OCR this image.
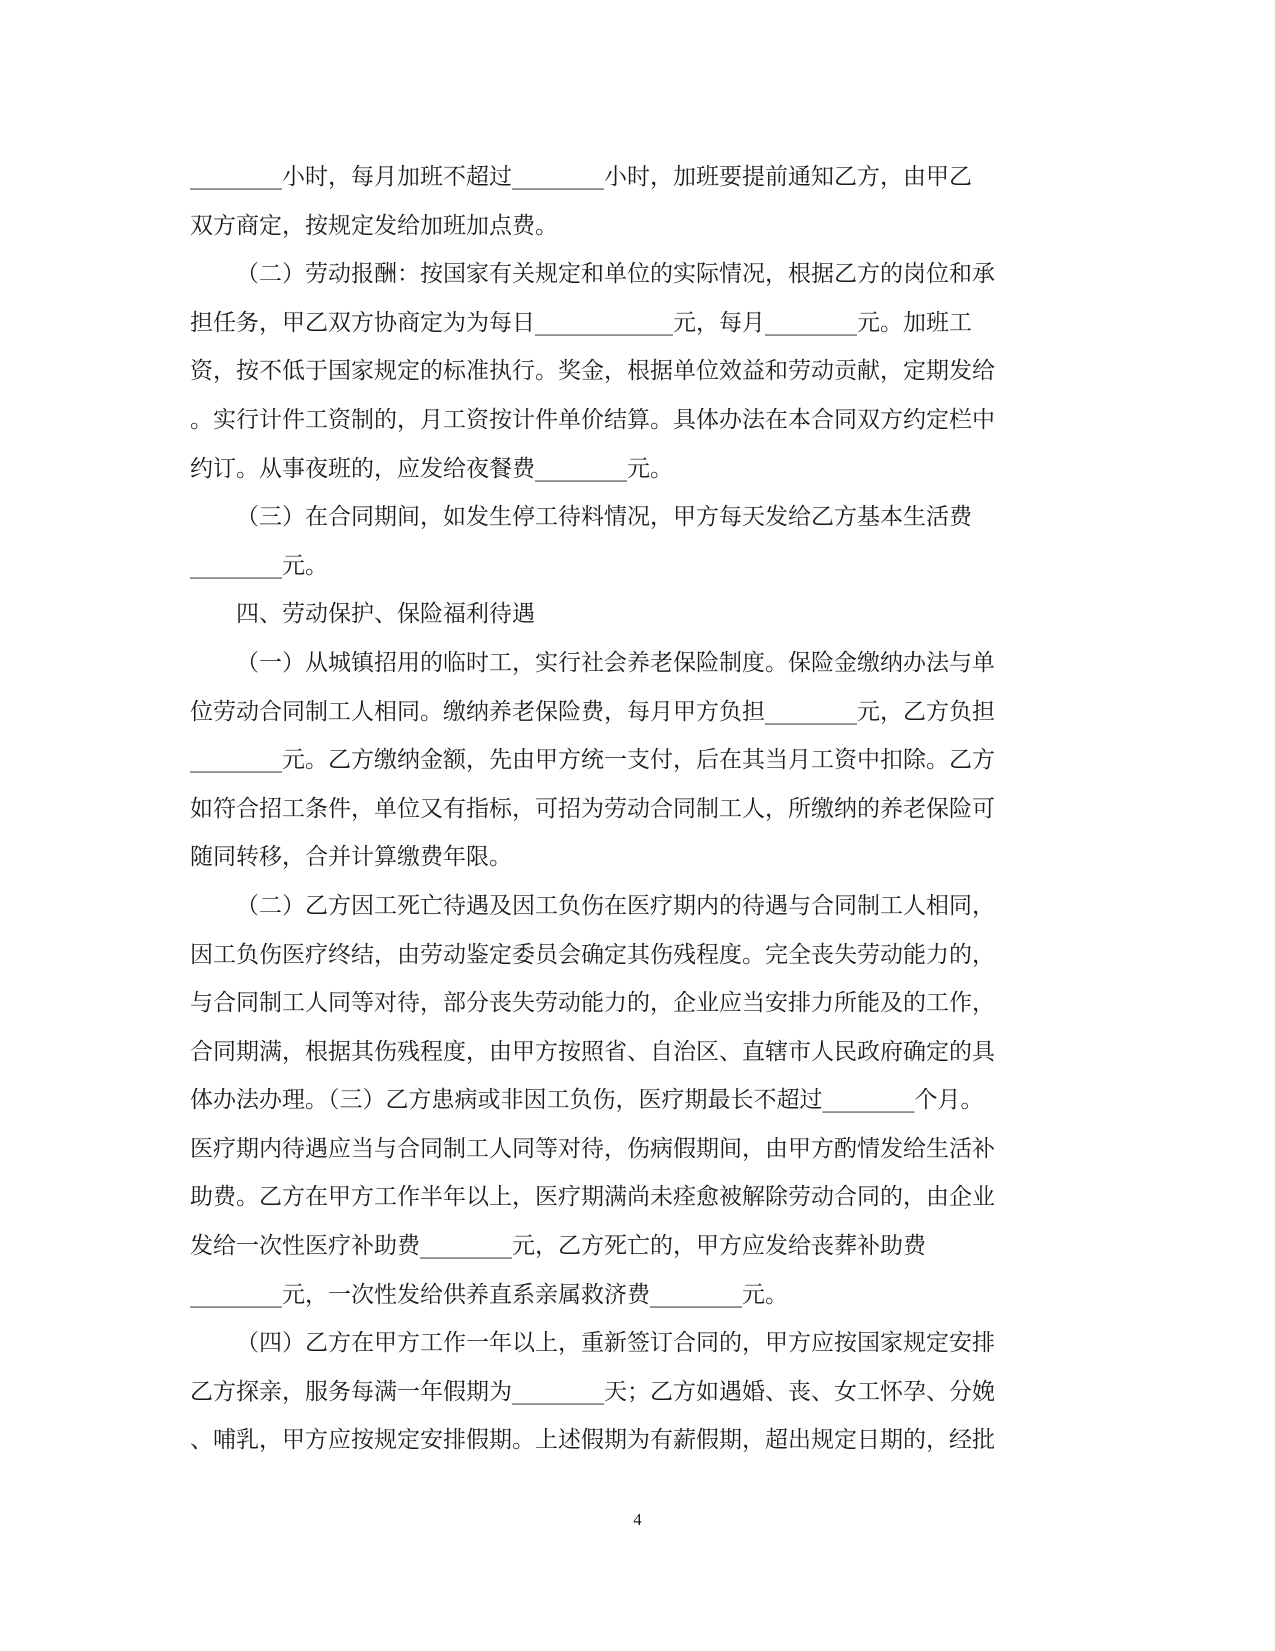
________小时，每月加班不超过________小时，加班要提前通知乙方，由甲乙
双方商定，按规定发给加班加点费。
（二）劳动报酬：按国家有关规定和单位的实际情况，根据乙方的岗位和承
担任务，甲乙双方协商定为为每日____________元，每月________元。加班工
资，按不低于国家规定的标准执行。奖金，根据单位效益和劳动贡献，定期发给
。实行计件工资制的，月工资按计件单价结算。具体办法在本合同双方约定栏中
约订。从事夜班的，应发给夜餐费________元。
（三）在合同期间，如发生停工待料情况，甲方每天发给乙方基本生活费
________元。
四、劳动保护、保险福利待遇
（一）从城镇招用的临时工，实行社会养老保险制度。保险金缴纳办法与单
位劳动合同制工人相同。缴纳养老保险费，每月甲方负担________元，乙方负担
________元。乙方缴纳金额，先由甲方统一支付，后在其当月工资中扣除。乙方
如符合招工条件，单位又有指标，可招为劳动合同制工人，所缴纳的养老保险可
随同转移，合并计算缴费年限。
（二）乙方因工死亡待遇及因工负伤在医疗期内的待遇与合同制工人相同，
因工负伤医疗终结，由劳动鉴定委员会确定其伤残程度。完全丧失劳动能力的，
与合同制工人同等对待，部分丧失劳动能力的，企业应当安排力所能及的工作，
合同期满，根据其伤残程度，由甲方按照省、自治区、直辖市人民政府确定的具
体办法办理。（三）乙方患病或非因工负伤，医疗期最长不超过________个月。
医疗期内待遇应当与合同制工人同等对待，伤病假期间，由甲方酌情发给生活补
助费。乙方在甲方工作半年以上，医疗期满尚未痊愈被解除劳动合同的，由企业
发给一次性医疗补助费________元，乙方死亡的，甲方应发给丧葬补助费
________元，一次性发给供养直系亲属救济费________元。
（四）乙方在甲方工作一年以上，重新签订合同的，甲方应按国家规定安排
乙方探亲，服务每满一年假期为________天；乙方如遇婚、丧、女工怀孕、分娩
、哺乳，甲方应按规定安排假期。上述假期为有薪假期，超出规定日期的，经批
4
